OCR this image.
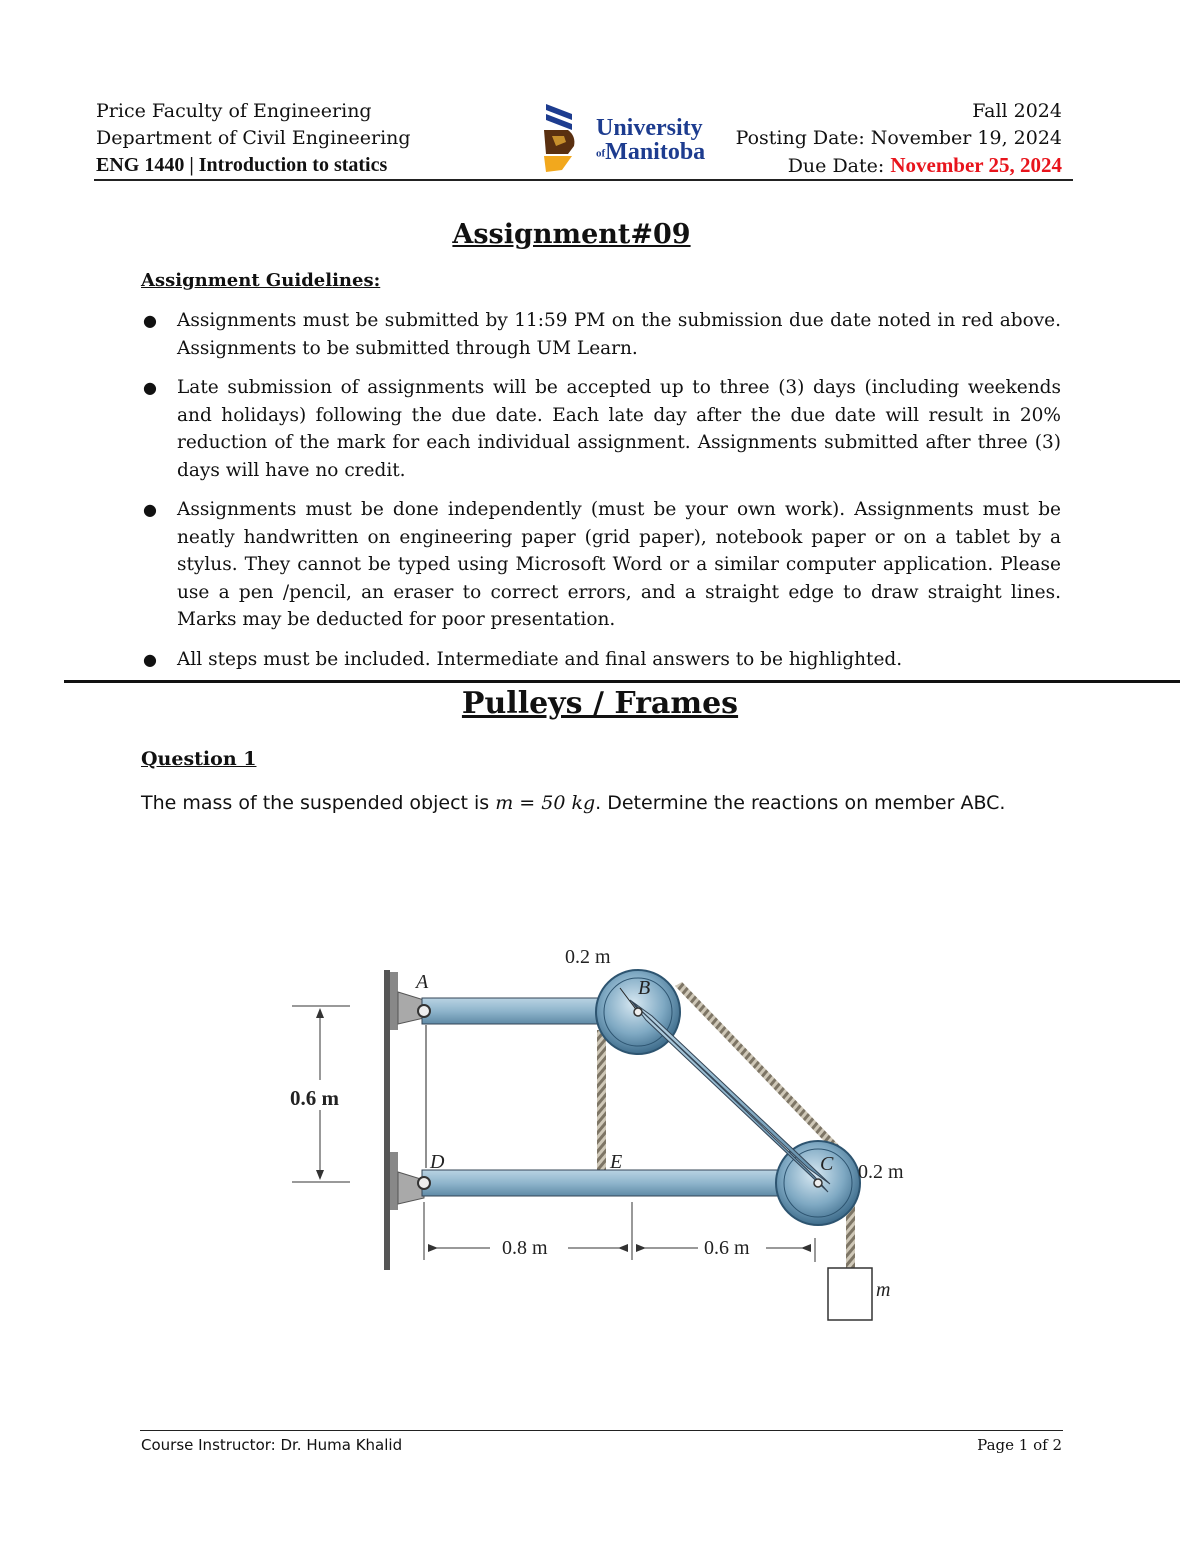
Price Faculty of Engineering
Department of Civil Engineering
ENG 1440 | Introduction to statics
University
ofManitoba
Fall 2024
Posting Date: November 19, 2024
Due Date: November 25, 2024
Assignment#09
Assignment Guidelines:
● Assignments must be submitted by 11:59 PM on the submission due date noted in red above. Assignments to be submitted through UM Learn.
● Late submission of assignments will be accepted up to three (3) days (including weekends and holidays) following the due date. Each late day after the due date will result in 20% reduction of the mark for each individual assignment. Assignments submitted after three (3) days will have no credit.
● Assignments must be done independently (must be your own work). Assignments must be neatly handwritten on engineering paper (grid paper), notebook paper or on a tablet by a stylus. They cannot be typed using Microsoft Word or a similar computer application. Please use a pen /pencil, an eraser to correct errors, and a straight edge to draw straight lines. Marks may be deducted for poor presentation.
● All steps must be included. Intermediate and final answers to be highlighted.
Pulleys / Frames
Question 1
The mass of the suspended object is m = 50 kg. Determine the reactions on member ABC.
A	B
C
D	E
m
0.6 m
0.2 m
0.2 m
0.8 m	0.6 m
Course Instructor: Dr. Huma Khalid	Page 1 of 2
